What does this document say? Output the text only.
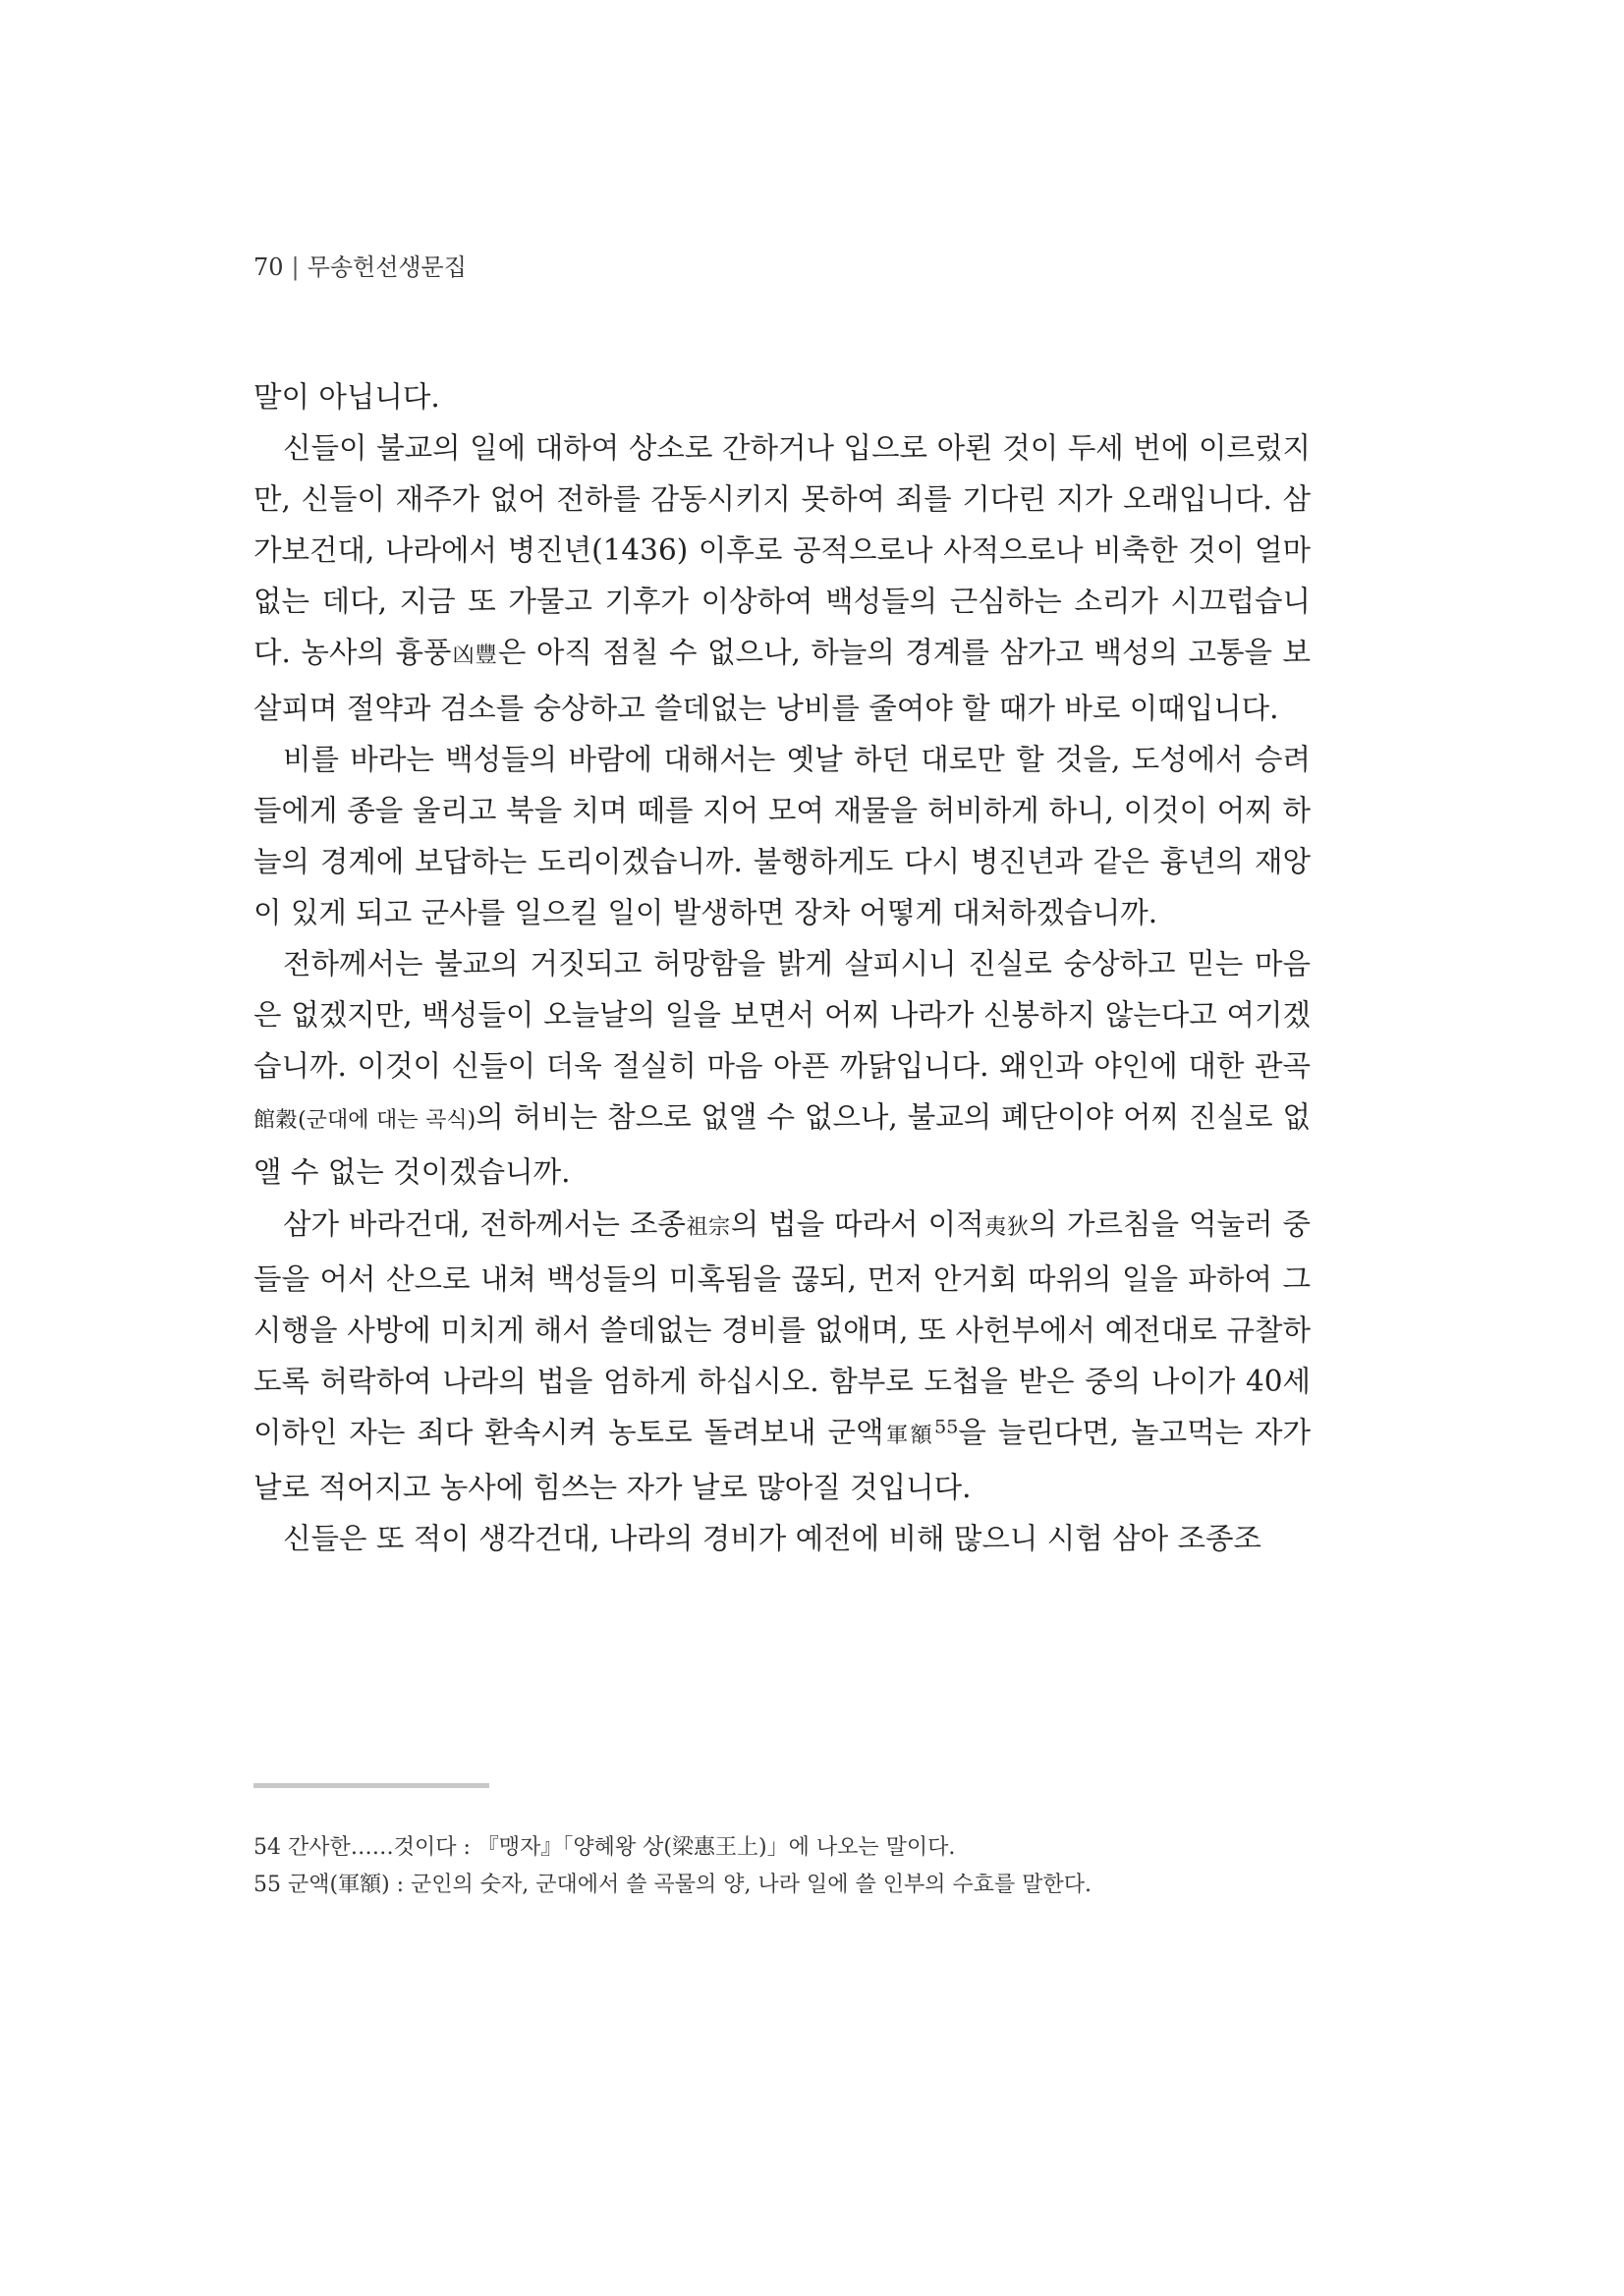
70 | 무송헌선생문집

말이 아닙니다.

신들이 불교의 일에 대하여 상소로 간하거나 입으로 아뢴 것이 두세 번에 이르렀지만, 신들이 재주가 없어 전하를 감동시키지 못하여 죄를 기다린 지가 오래입니다. 삼가보건대, 나라에서 병진년(1436) 이후로 공적으로나 사적으로나 비축한 것이 얼마 없는 데다, 지금 또 가물고 기후가 이상하여 백성들의 근심하는 소리가 시끄럽습니다. 농사의 흉풍凶豐은 아직 점칠 수 없으나, 하늘의 경계를 삼가고 백성의 고통을 보살피며 절약과 검소를 숭상하고 쓸데없는 낭비를 줄여야 할 때가 바로 이때입니다.

비를 바라는 백성들의 바람에 대해서는 옛날 하던 대로만 할 것을, 도성에서 승려들에게 종을 울리고 북을 치며 떼를 지어 모여 재물을 허비하게 하니, 이것이 어찌 하늘의 경계에 보답하는 도리이겠습니까. 불행하게도 다시 병진년과 같은 흉년의 재앙이 있게 되고 군사를 일으킬 일이 발생하면 장차 어떻게 대처하겠습니까.

전하께서는 불교의 거짓되고 허망함을 밝게 살피시니 진실로 숭상하고 믿는 마음은 없겠지만, 백성들이 오늘날의 일을 보면서 어찌 나라가 신봉하지 않는다고 여기겠습니까. 이것이 신들이 더욱 절실히 마음 아픈 까닭입니다. 왜인과 야인에 대한 관곡館穀(군대에 대는 곡식)의 허비는 참으로 없앨 수 없으나, 불교의 폐단이야 어찌 진실로 없앨 수 없는 것이겠습니까.

삼가 바라건대, 전하께서는 조종祖宗의 법을 따라서 이적夷狄의 가르침을 억눌러 중들을 어서 산으로 내쳐 백성들의 미혹됨을 끊되, 먼저 안거회 따위의 일을 파하여 그 시행을 사방에 미치게 해서 쓸데없는 경비를 없애며, 또 사헌부에서 예전대로 규찰하도록 허락하여 나라의 법을 엄하게 하십시오. 함부로 도첩을 받은 중의 나이가 40세 이하인 자는 죄다 환속시켜 농토로 돌려보내 군액軍額$^{55}$을 늘린다면, 놀고먹는 자가 날로 적어지고 농사에 힘쓰는 자가 날로 많아질 것입니다.

신들은 또 적이 생각건대, 나라의 경비가 예전에 비해 많으니 시험 삼아 조종조

54 간사한……것이다 : 『맹자』「양혜왕 상(梁惠王上)」에 나오는 말이다.
55 군액(軍額) : 군인의 숫자, 군대에서 쓸 곡물의 양, 나라 일에 쓸 인부의 수효를 말한다.
